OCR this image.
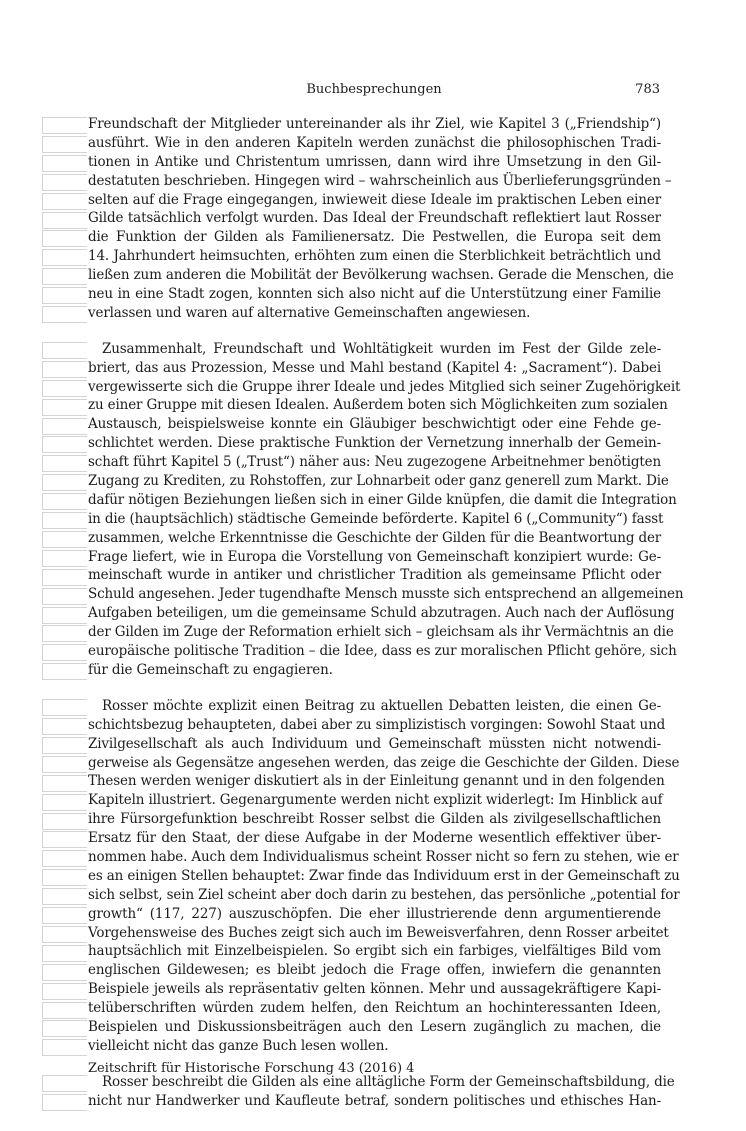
Buchbesprechungen	783
Freundschaft der Mitglieder untereinander als ihr Ziel, wie Kapitel 3 („Friendship“)
ausführt. Wie in den anderen Kapiteln werden zunächst die philosophischen Tradi-
tionen in Antike und Christentum umrissen, dann wird ihre Umsetzung in den Gil-
destatuten beschrieben. Hingegen wird – wahrscheinlich aus Überlieferungsgründen –
selten auf die Frage eingegangen, inwieweit diese Ideale im praktischen Leben einer
Gilde tatsächlich verfolgt wurden. Das Ideal der Freundschaft reflektiert laut Rosser
die Funktion der Gilden als Familienersatz. Die Pestwellen, die Europa seit dem
14. Jahrhundert heimsuchten, erhöhten zum einen die Sterblichkeit beträchtlich und
ließen zum anderen die Mobilität der Bevölkerung wachsen. Gerade die Menschen, die
neu in eine Stadt zogen, konnten sich also nicht auf die Unterstützung einer Familie
verlassen und waren auf alternative Gemeinschaften angewiesen.
Zusammenhalt, Freundschaft und Wohltätigkeit wurden im Fest der Gilde zele-
briert, das aus Prozession, Messe und Mahl bestand (Kapitel 4: „Sacrament“). Dabei
vergewisserte sich die Gruppe ihrer Ideale und jedes Mitglied sich seiner Zugehörigkeit
zu einer Gruppe mit diesen Idealen. Außerdem boten sich Möglichkeiten zum sozialen
Austausch, beispielsweise konnte ein Gläubiger beschwichtigt oder eine Fehde ge-
schlichtet werden. Diese praktische Funktion der Vernetzung innerhalb der Gemein-
schaft führt Kapitel 5 („Trust“) näher aus: Neu zugezogene Arbeitnehmer benötigten
Zugang zu Krediten, zu Rohstoffen, zur Lohnarbeit oder ganz generell zum Markt. Die
dafür nötigen Beziehungen ließen sich in einer Gilde knüpfen, die damit die Integration
in die (hauptsächlich) städtische Gemeinde beförderte. Kapitel 6 („Community“) fasst
zusammen, welche Erkenntnisse die Geschichte der Gilden für die Beantwortung der
Frage liefert, wie in Europa die Vorstellung von Gemeinschaft konzipiert wurde: Ge-
meinschaft wurde in antiker und christlicher Tradition als gemeinsame Pflicht oder
Schuld angesehen. Jeder tugendhafte Mensch musste sich entsprechend an allgemeinen
Aufgaben beteiligen, um die gemeinsame Schuld abzutragen. Auch nach der Auflösung
der Gilden im Zuge der Reformation erhielt sich – gleichsam als ihr Vermächtnis an die
europäische politische Tradition – die Idee, dass es zur moralischen Pflicht gehöre, sich
für die Gemeinschaft zu engagieren.
Rosser möchte explizit einen Beitrag zu aktuellen Debatten leisten, die einen Ge-
schichtsbezug behaupteten, dabei aber zu simplizistisch vorgingen: Sowohl Staat und
Zivilgesellschaft als auch Individuum und Gemeinschaft müssten nicht notwendi-
gerweise als Gegensätze angesehen werden, das zeige die Geschichte der Gilden. Diese
Thesen werden weniger diskutiert als in der Einleitung genannt und in den folgenden
Kapiteln illustriert. Gegenargumente werden nicht explizit widerlegt: Im Hinblick auf
ihre Fürsorgefunktion beschreibt Rosser selbst die Gilden als zivilgesellschaftlichen
Ersatz für den Staat, der diese Aufgabe in der Moderne wesentlich effektiver über-
nommen habe. Auch dem Individualismus scheint Rosser nicht so fern zu stehen, wie er
es an einigen Stellen behauptet: Zwar finde das Individuum erst in der Gemeinschaft zu
sich selbst, sein Ziel scheint aber doch darin zu bestehen, das persönliche „potential for
growth“ (117, 227) auszuschöpfen. Die eher illustrierende denn argumentierende
Vorgehensweise des Buches zeigt sich auch im Beweisverfahren, denn Rosser arbeitet
hauptsächlich mit Einzelbeispielen. So ergibt sich ein farbiges, vielfältiges Bild vom
englischen Gildewesen; es bleibt jedoch die Frage offen, inwiefern die genannten
Beispiele jeweils als repräsentativ gelten können. Mehr und aussagekräftigere Kapi-
telüberschriften würden zudem helfen, den Reichtum an hochinteressanten Ideen,
Beispielen und Diskussionsbeiträgen auch den Lesern zugänglich zu machen, die
vielleicht nicht das ganze Buch lesen wollen.
Rosser beschreibt die Gilden als eine alltägliche Form der Gemeinschaftsbildung, die
nicht nur Handwerker und Kaufleute betraf, sondern politisches und ethisches Han-
Zeitschrift für Historische Forschung 43 (2016) 4
